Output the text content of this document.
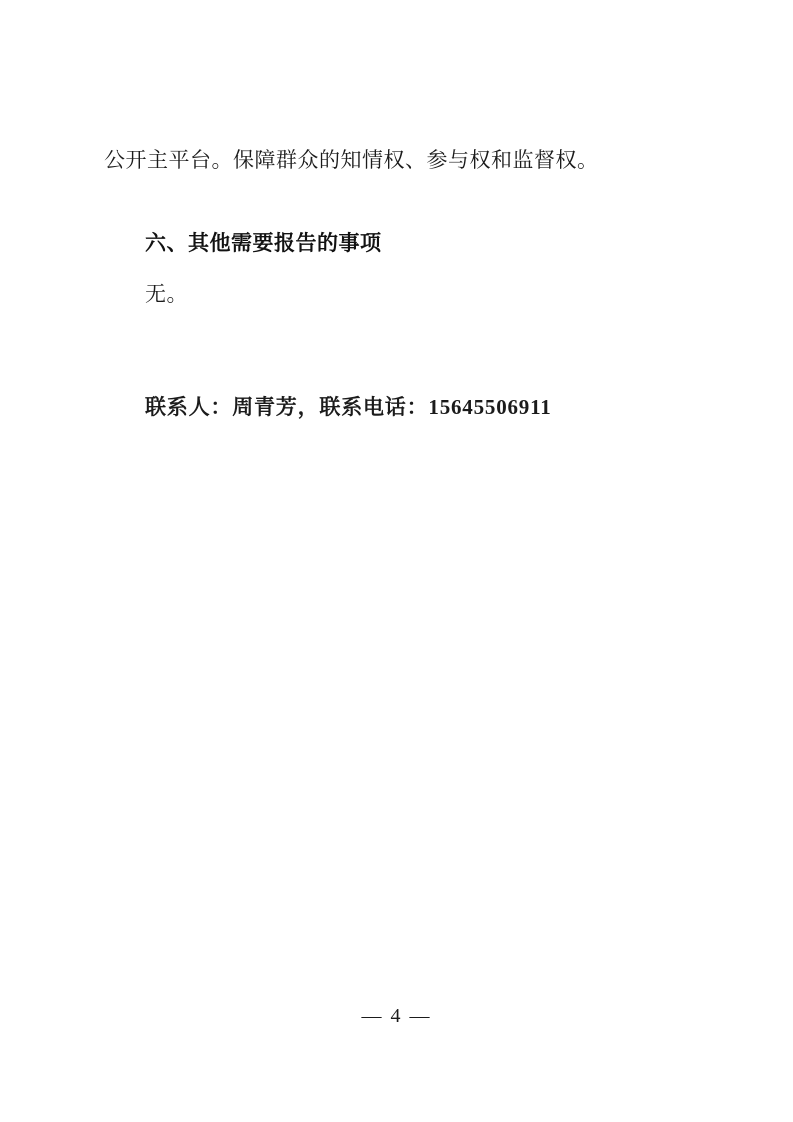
公开主平台。保障群众的知情权、参与权和监督权。
六、其他需要报告的事项
无。
联系人：周青芳，联系电话：15645506911
— 4 —
